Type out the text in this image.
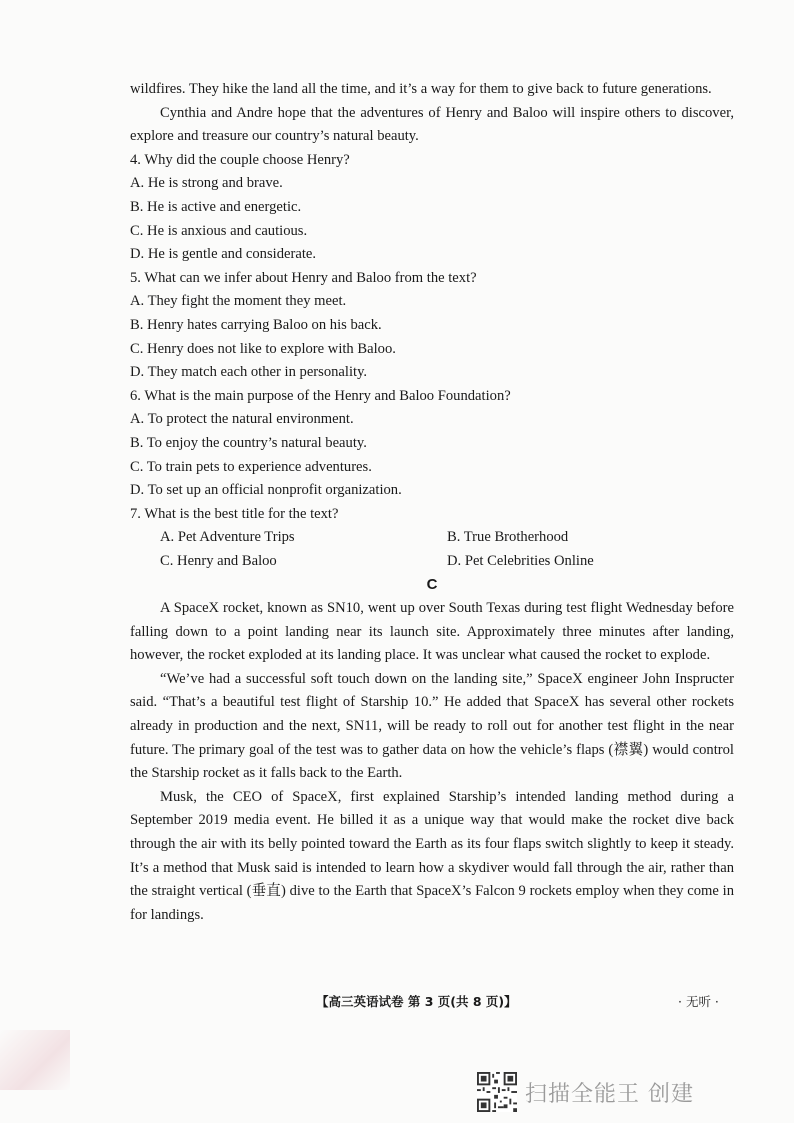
wildfires. They hike the land all the time, and it’s a way for them to give back to future generations.

Cynthia and Andre hope that the adventures of Henry and Baloo will inspire others to discover, explore and treasure our country’s natural beauty.

4. Why did the couple choose Henry?

A. He is strong and brave.

B. He is active and energetic.

C. He is anxious and cautious.

D. He is gentle and considerate.

5. What can we infer about Henry and Baloo from the text?

A. They fight the moment they meet.

B. Henry hates carrying Baloo on his back.

C. Henry does not like to explore with Baloo.

D. They match each other in personality.

6. What is the main purpose of the Henry and Baloo Foundation?

A. To protect the natural environment.

B. To enjoy the country’s natural beauty.

C. To train pets to experience adventures.

D. To set up an official nonprofit organization.

7. What is the best title for the text?

A. Pet Adventure Trips	B. True Brotherhood
C. Henry and Baloo	D. Pet Celebrities Online

C

A SpaceX rocket, known as SN10, went up over South Texas during test flight Wednesday before falling down to a point landing near its launch site. Approximately three minutes after landing, however, the rocket exploded at its landing place. It was unclear what caused the rocket to explode.

“We’ve had a successful soft touch down on the landing site,” SpaceX engineer John Inspructer said. “That’s a beautiful test flight of Starship 10.” He added that SpaceX has several other rockets already in production and the next, SN11, will be ready to roll out for another test flight in the near future. The primary goal of the test was to gather data on how the vehicle’s flaps (襟翼) would control the Starship rocket as it falls back to the Earth.

Musk, the CEO of SpaceX, first explained Starship’s intended landing method during a September 2019 media event. He billed it as a unique way that would make the rocket dive back through the air with its belly pointed toward the Earth as its four flaps switch slightly to keep it steady. It’s a method that Musk said is intended to learn how a skydiver would fall through the air, rather than the straight vertical (垂直) dive to the Earth that SpaceX’s Falcon 9 rockets employ when they come in for landings.

【高三英语试卷 第 3 页(共 8 页)】	· 无听 ·
扫描全能王 创建
